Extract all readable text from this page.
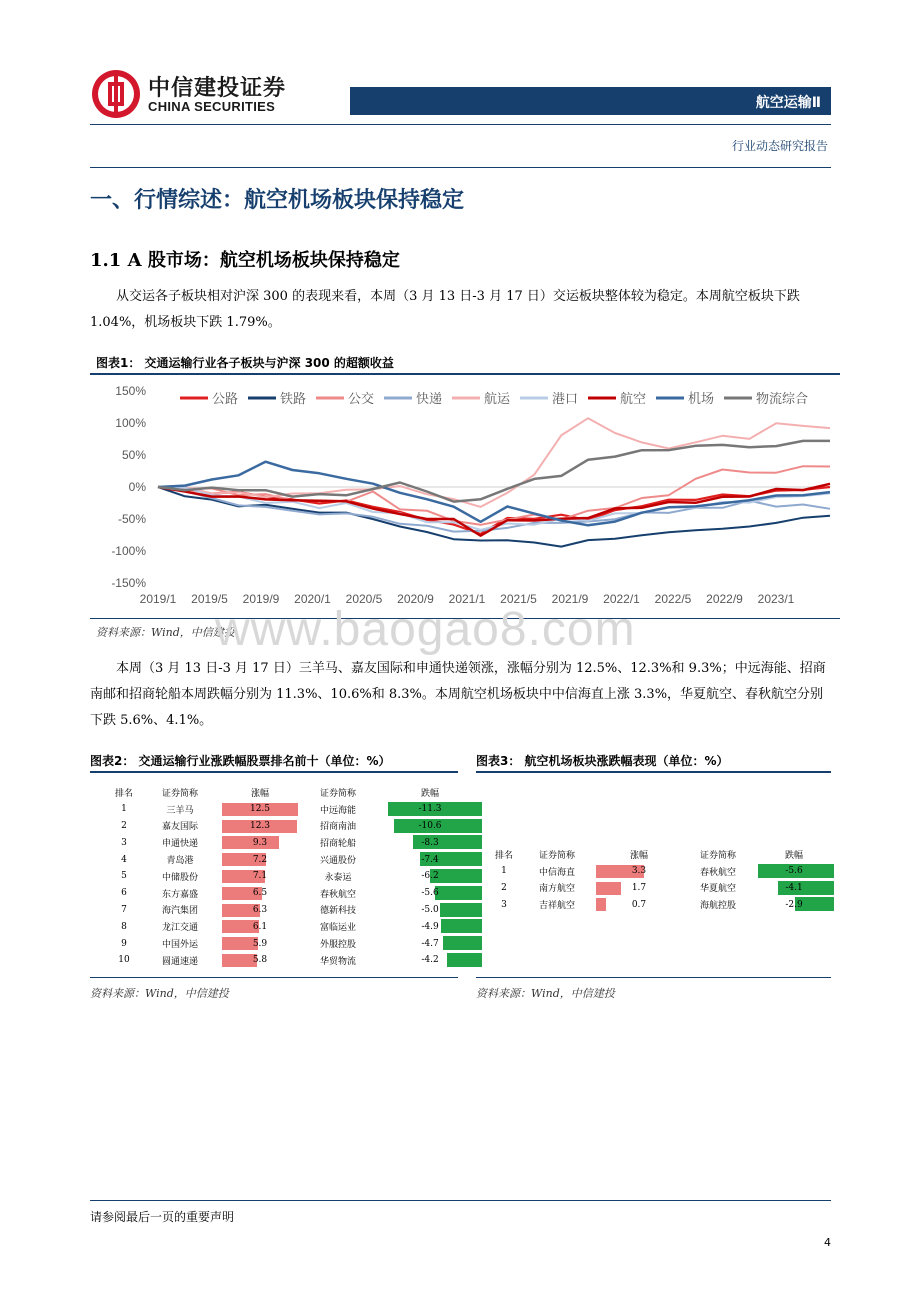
中信建投证券
CHINA SECURITIES	航空运输Ⅱ
行业动态研究报告
一、行情综述：航空机场板块保持稳定
1.1 A 股市场：航空机场板块保持稳定
从交运各子板块相对沪深 300 的表现来看，本周（3 月 13 日-3 月 17 日）交运板块整体较为稳定。本周航空板块下跌 1.04%，机场板块下跌 1.79%。
图表1： 交通运输行业各子板块与沪深 300 的超额收益
150%
100%
50%
0%
-50%
-100%
-150%
2019/1 2019/5 2019/9 2020/1 2020/5 2020/9 2021/1 2021/5 2021/9 2022/1 2022/5 2022/9 2023/1
公路	铁路	公交	快递	航运	港口	航空	机场	物流综合
资料来源：Wind，中信建投
www.baogao8.com
本周（3 月 13 日-3 月 17 日）三羊马、嘉友国际和申通快递领涨，涨幅分别为 12.5%、12.3%和 9.3%；中远海能、招商南邮和招商轮船本周跌幅分别为 11.3%、10.6%和 8.3%。本周航空机场板块中中信海直上涨 3.3%，华夏航空、春秋航空分别下跌 5.6%、4.1%。
图表2： 交通运输行业涨跌幅股票排名前十（单位：%）
排名	证券简称	涨幅	证券简称	跌幅
1	三羊马	12.5	中远海能	-11.3
2	嘉友国际	12.3	招商南油	-10.6
3	申通快递	9.3	招商轮船	-8.3
4	青岛港	7.2	兴通股份	-7.4
5	中储股份	7.1	永泰运	-6.2
6	东方嘉盛	6.5	春秋航空	-5.6
7	海汽集团	6.3	德新科技	-5.0
8	龙江交通	6.1	富临运业	-4.9
9	中国外运	5.9	外服控股	-4.7
10	圆通速递	5.8	华贸物流	-4.2
资料来源：Wind，中信建投
图表3： 航空机场板块涨跌幅表现（单位：%）
排名	证券简称	涨幅	证券简称	跌幅
1	中信海直	3.3	春秋航空	-5.6
2	南方航空	1.7	华夏航空	-4.1
3	吉祥航空	0.7	海航控股	-2.9
资料来源：Wind，中信建投
请参阅最后一页的重要声明
4
